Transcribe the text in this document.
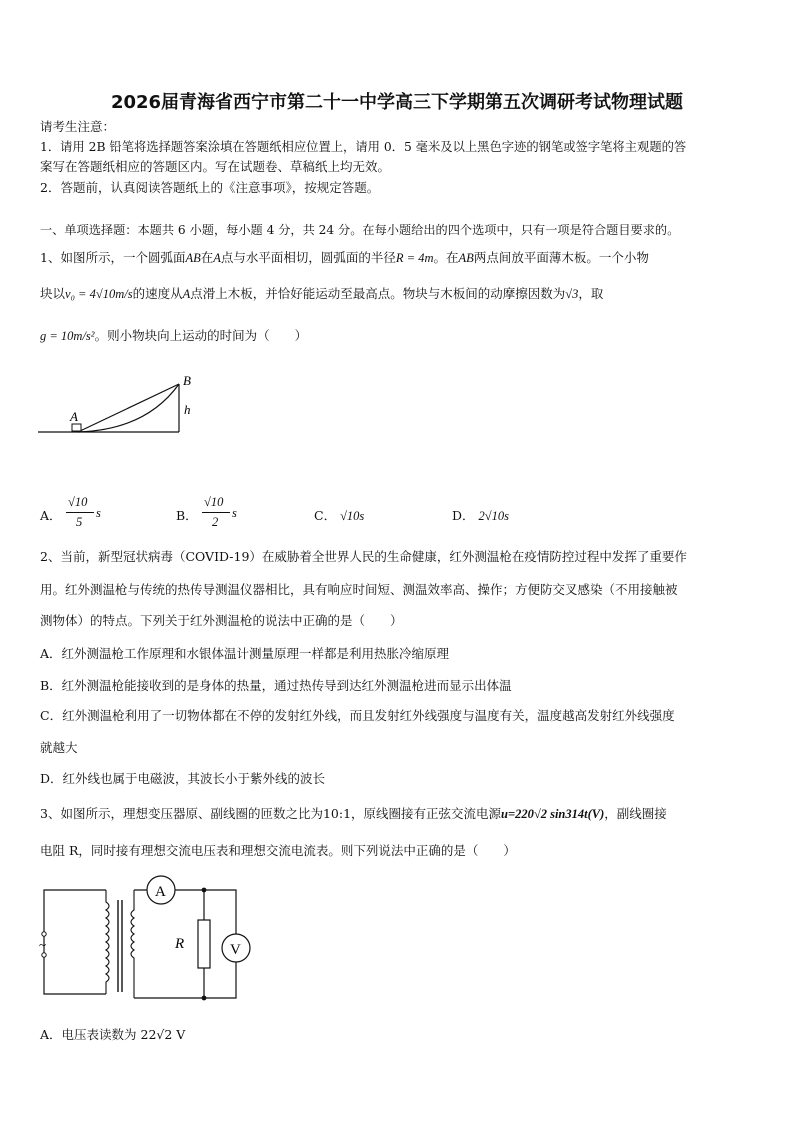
2026届青海省西宁市第二十一中学高三下学期第五次调研考试物理试题
请考生注意：
1．请用 2B 铅笔将选择题答案涂填在答题纸相应位置上，请用 0．5 毫米及以上黑色字迹的钢笔或签字笔将主观题的答
案写在答题纸相应的答题区内。写在试题卷、草稿纸上均无效。
2．答题前，认真阅读答题纸上的《注意事项》，按规定答题。
一、单项选择题：本题共 6 小题，每小题 4 分，共 24 分。在每小题给出的四个选项中，只有一项是符合题目要求的。
1、如图所示，一个圆弧面AB在A点与水平面相切，圆弧面的半径R = 4m。在AB两点间放平面薄木板。一个小物
块以v₀ = 4√10m/s的速度从A点滑上木板，并恰好能运动至最高点。物块与木板间的动摩擦因数为√3，取
g = 10m/s²。则小物块向上运动的时间为（　　）
A
B
h
A．
√10
5
s	B．
√10
2
s	C． √10s	D． 2√10s
2、当前，新型冠状病毒（COVID-19）在威胁着全世界人民的生命健康，红外测温枪在疫情防控过程中发挥了重要作
用。红外测温枪与传统的热传导测温仪器相比，具有响应时间短、测温效率高、操作；方便防交叉感染（不用接触被
测物体）的特点。下列关于红外测温枪的说法中正确的是（　　）
A．红外测温枪工作原理和水银体温计测量原理一样都是利用热胀冷缩原理
B．红外测温枪能接收到的是身体的热量，通过热传导到达红外测温枪进而显示出体温
C．红外测温枪利用了一切物体都在不停的发射红外线，而且发射红外线强度与温度有关，温度越高发射红外线强度
就越大
D．红外线也属于电磁波，其波长小于紫外线的波长
3、如图所示，理想变压器原、副线圈的匝数之比为10:1，原线圈接有正弦交流电源u=220√2 sin314t(V)，副线圈接
电阻 R，同时接有理想交流电压表和理想交流电流表。则下列说法中正确的是（　　）
~
A
R	V
A．电压表读数为 22√2 V
